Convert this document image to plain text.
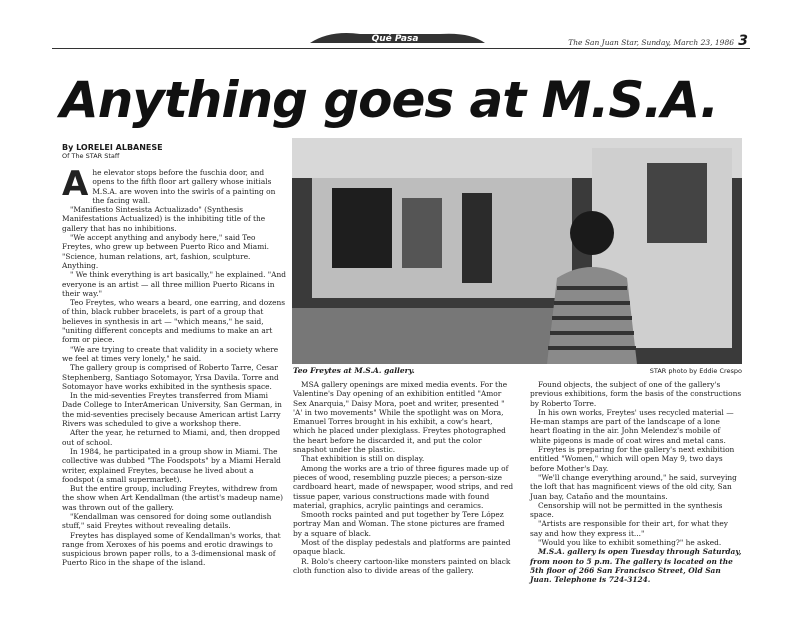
Qué Pasa	The San Juan Star, Sunday, March 23, 1986 3
Anything goes at M.S.A.
By LORELEI ALBANESE
Of The STAR Staff
A he elevator stops before the fuschia door, and opens to the fifth floor art gallery whose initials M.S.A. are woven into the swirls of a painting on the facing wall.

"Manifiesto Sintesista Actualizado" (Synthesis Manifestations Actualized) is the inhibiting title of the gallery that has no inhibitions.

"We accept anything and anybody here," said Teo Freytes, who grew up between Puerto Rico and Miami. "Science, human relations, art, fashion, sculpture. Anything.

" We think everything is art basically," he explained. "And everyone is an artist — all three million Puerto Ricans in their way."

Teo Freytes, who wears a beard, one earring, and dozens of thin, black rubber bracelets, is part of a group that believes in synthesis in art — "which means," he said, "uniting different concepts and mediums to make an art form or piece.

"We are trying to create that validity in a society where we feel at times very lonely," he said.

The gallery group is comprised of Roberto Tarre, Cesar Stephenberg, Santiago Sotomayor, Yrsa Davila. Torre and Sotomayor have works exhibited in the synthesis space.

In the mid-seventies Freytes transferred from Miami Dade College to InterAmerican University, San German, in the mid-seventies precisely because American artist Larry Rivers was scheduled to give a workshop there.

After the year, he returned to Miami, and, then dropped out of school.

In 1984, he participated in a group show in Miami. The collective was dubbed "The Foodspots" by a Miami Herald writer, explained Freytes, because he lived about a foodspot (a small supermarket).

But the entire group, including Freytes, withdrew from the show when Art Kendallman (the artist's madeup name) was thrown out of the gallery.

"Kendallman was censored for doing some outlandish stuff," said Freytes without revealing details.

Freytes has displayed some of Kendallman's works, that range from Xeroxes of his poems and erotic drawings to suspicious brown paper rolls, to a 3-dimensional mask of Puerto Rico in the shape of the island.

Teo Freytes at M.S.A. gallery.	STAR photo by Eddie Crespo

MSA gallery openings are mixed media events. For the Valentine's Day opening of an exhibition entitled "Amor Sex Anarquia," Daisy Mora, poet and writer, presented " 'A' in two movements" While the spotlight was on Mora, Emanuel Torres brought in his exhibit, a cow's heart, which he placed under plexiglass. Freytes photographed the heart before he discarded it, and put the color snapshot under the plastic.

That exhibition is still on display.

Among the works are a trio of three figures made up of pieces of wood, resembling puzzle pieces; a person-size cardboard heart, made of newspaper, wood strips, and red tissue paper, various constructions made with found material, graphics, acrylic paintings and ceramics.

Smooth rocks painted and put together by Tere López portray Man and Woman. The stone pictures are framed by a square of black.

Most of the display pedestals and platforms are painted opaque black.

R. Bolo's cheery cartoon-like monsters painted on black cloth function also to divide areas of the gallery.

Found objects, the subject of one of the gallery's previous exhibitions, form the basis of the constructions by Roberto Torre.

In his own works, Freytes' uses recycled material — He-man stamps are part of the landscape of a lone heart floating in the air. John Melendez's mobile of white pigeons is made of coat wires and metal cans.

Freytes is preparing for the gallery's next exhibition entitled "Women," which will open May 9, two days before Mother's Day.

"We'll change everything around," he said, surveying the loft that has magnificent views of the old city, San Juan bay, Cataño and the mountains.

Censorship will not be permitted in the synthesis space.

"Artists are responsible for their art, for what they say and how they express it..."

"Would you like to exhibit something?" he asked.

M.S.A. gallery is open Tuesday through Saturday, from noon to 5 p.m. The gallery is located on the 5th floor of 266 San Francisco Street, Old San Juan. Telephone is 724-3124.
